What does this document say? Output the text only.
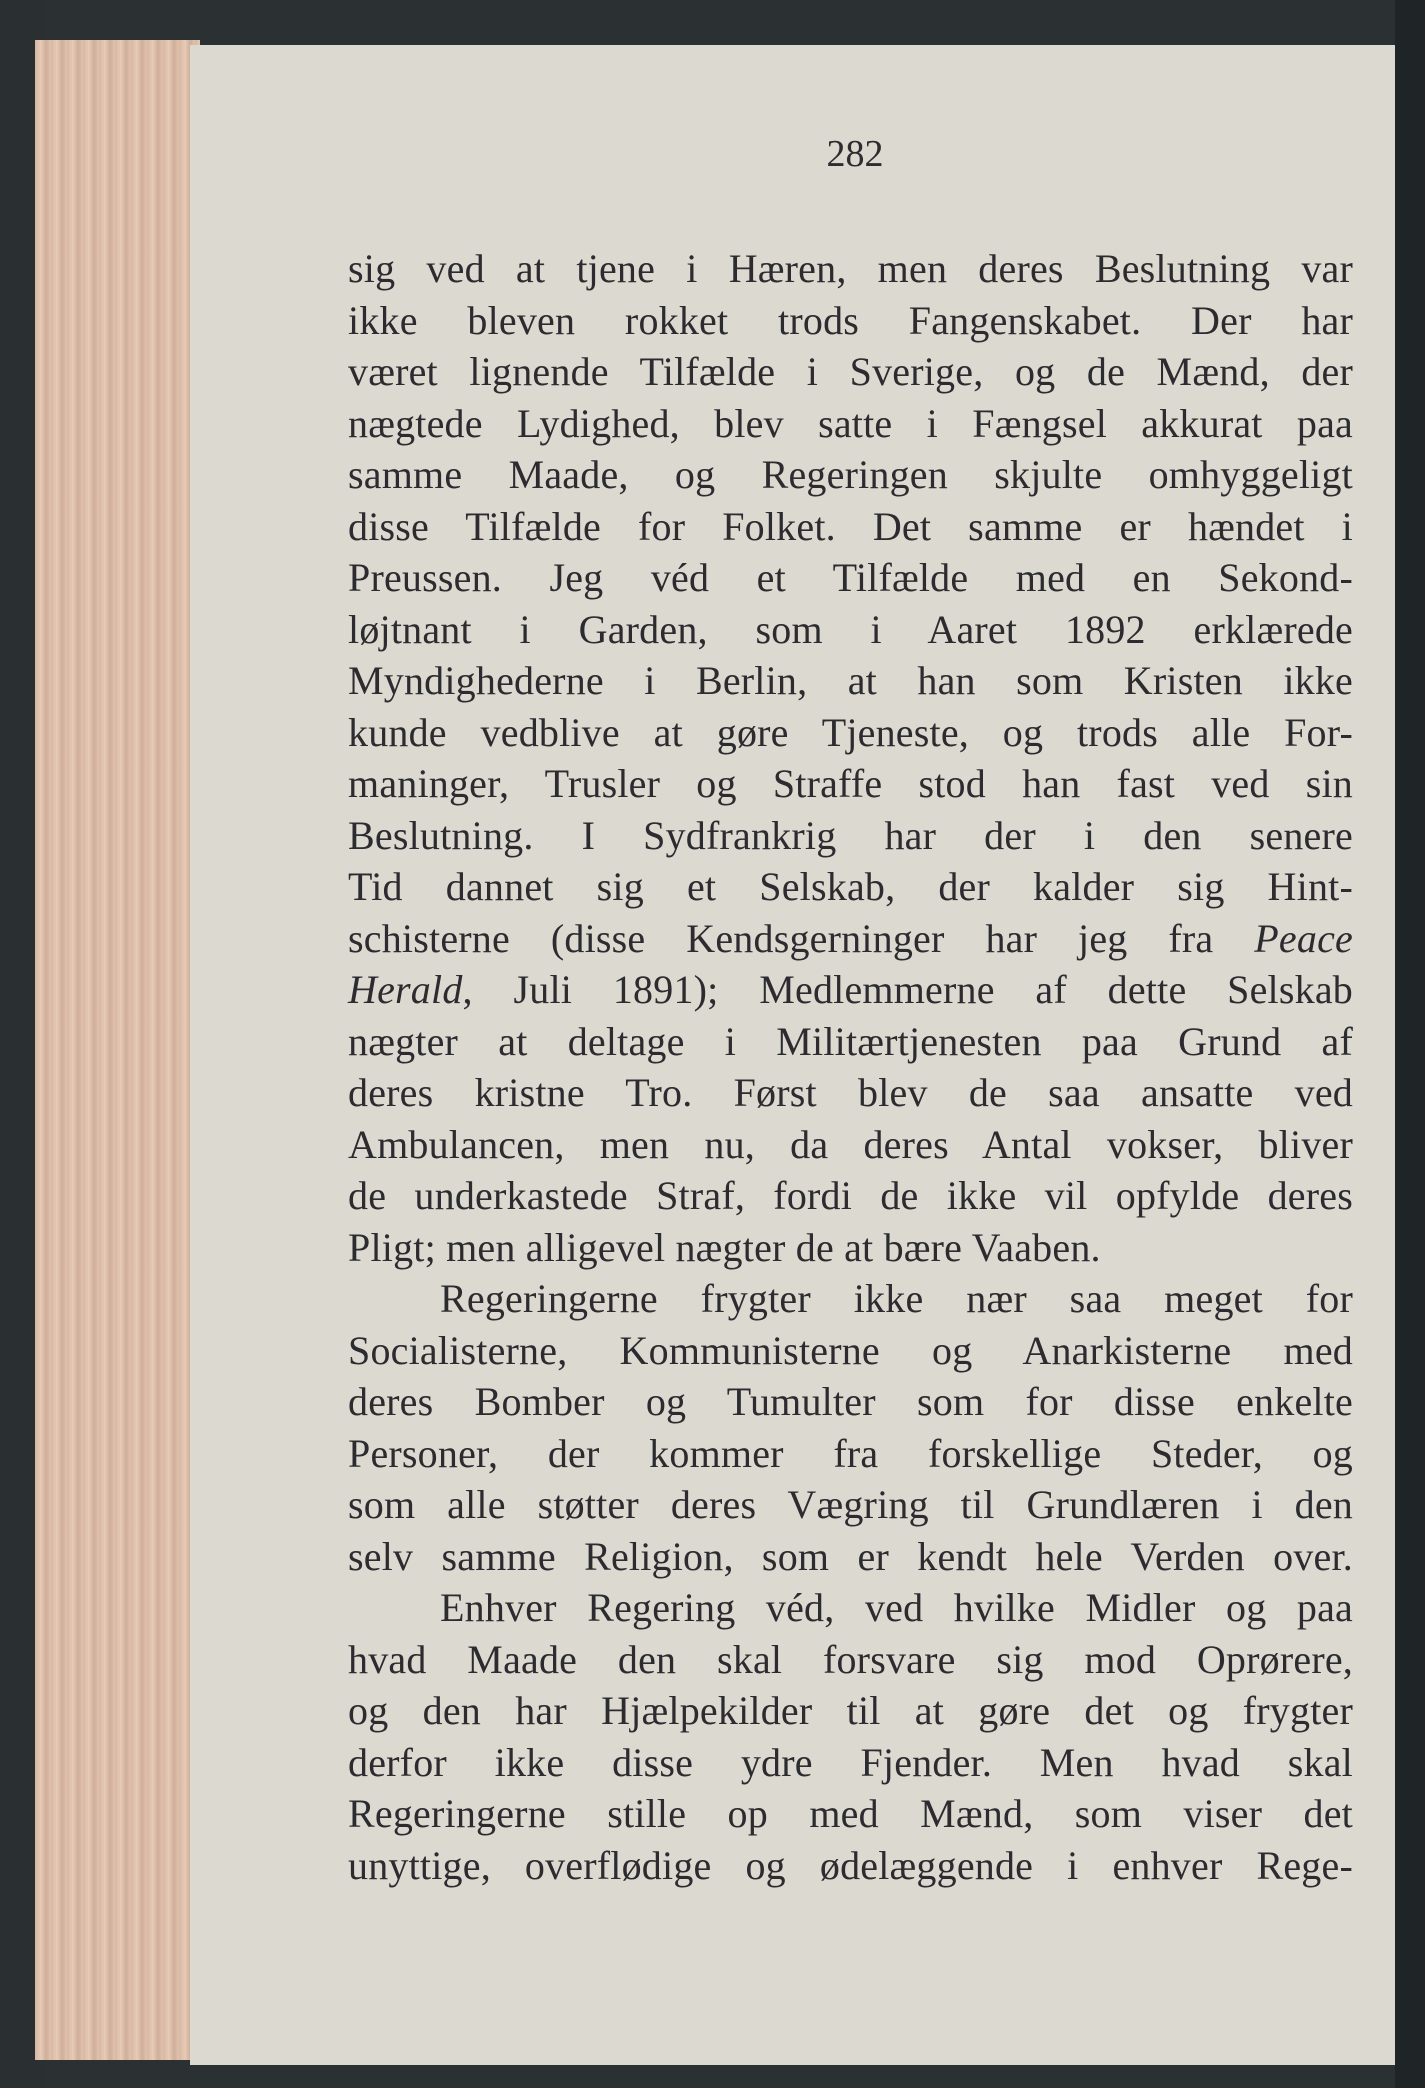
282

sig ved at tjene i Hæren, men deres Beslutning var
ikke bleven rokket trods Fangenskabet. Der har
været lignende Tilfælde i Sverige, og de Mænd, der
nægtede Lydighed, blev satte i Fængsel akkurat paa
samme Maade, og Regeringen skjulte omhyggeligt
disse Tilfælde for Folket. Det samme er hændet i
Preussen. Jeg véd et Tilfælde med en Sekond-
løjtnant i Garden, som i Aaret 1892 erklærede
Myndighederne i Berlin, at han som Kristen ikke
kunde vedblive at gøre Tjeneste, og trods alle For-
maninger, Trusler og Straffe stod han fast ved sin
Beslutning. I Sydfrankrig har der i den senere
Tid dannet sig et Selskab, der kalder sig Hint-
schisterne (disse Kendsgerninger har jeg fra Peace
Herald, Juli 1891); Medlemmerne af dette Selskab
nægter at deltage i Militærtjenesten paa Grund af
deres kristne Tro. Først blev de saa ansatte ved
Ambulancen, men nu, da deres Antal vokser, bliver
de underkastede Straf, fordi de ikke vil opfylde deres
Pligt; men alligevel nægter de at bære Vaaben.

Regeringerne frygter ikke nær saa meget for
Socialisterne, Kommunisterne og Anarkisterne med
deres Bomber og Tumulter som for disse enkelte
Personer, der kommer fra forskellige Steder, og
som alle støtter deres Vægring til Grundlæren i den
selv samme Religion, som er kendt hele Verden over.

Enhver Regering véd, ved hvilke Midler og paa
hvad Maade den skal forsvare sig mod Oprørere,
og den har Hjælpekilder til at gøre det og frygter
derfor ikke disse ydre Fjender. Men hvad skal
Regeringerne stille op med Mænd, som viser det
unyttige, overflødige og ødelæggende i enhver Rege-
